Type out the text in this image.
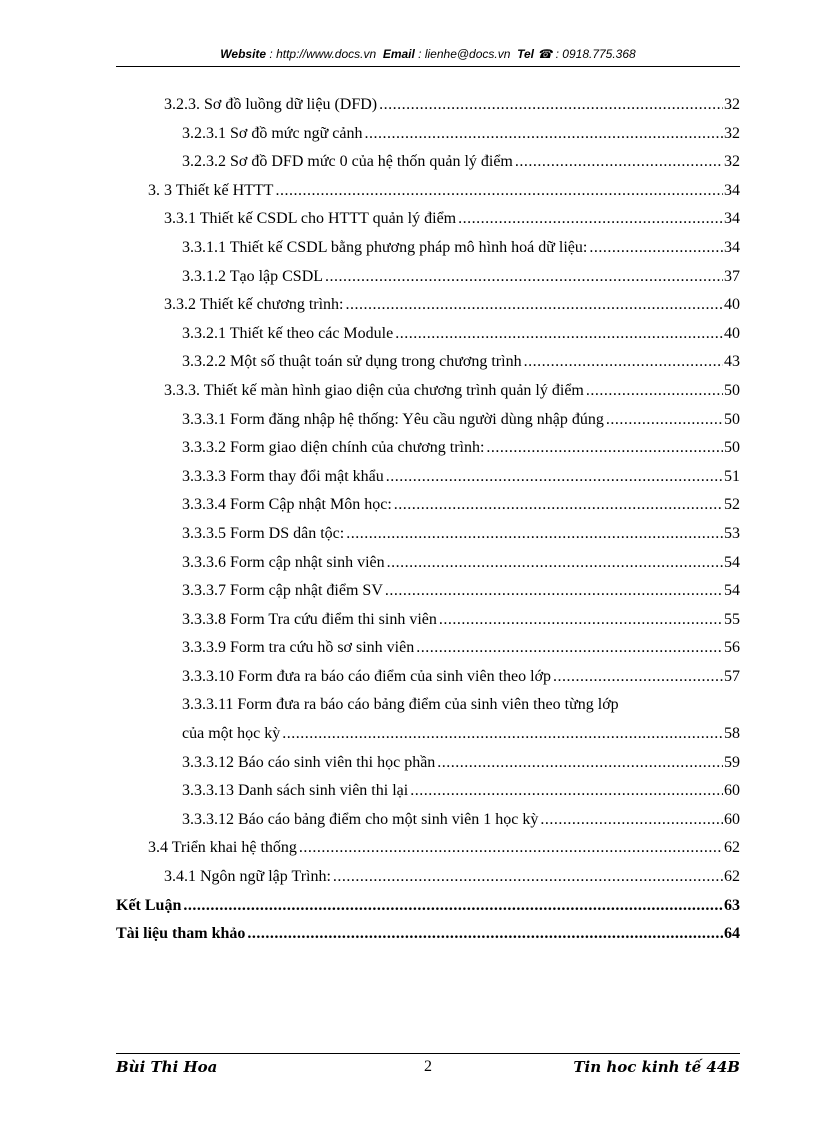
Website : http://www.docs.vn Email : lienhe@docs.vn Tel ☎ : 0918.775.368
3.2.3. Sơ đồ luồng dữ liệu (DFD) .....	32
3.2.3.1 Sơ đồ mức ngữ cảnh .....	32
3.2.3.2 Sơ đồ DFD mức 0 của hệ thốn quản lý điểm .....	32
3. 3 Thiết kế HTTT .....	34
3.3.1 Thiết kế CSDL cho HTTT quản lý điểm .....	34
3.3.1.1 Thiết kế CSDL bằng phương pháp mô hình hoá dữ liệu: .....	34
3.3.1.2 Tạo lập CSDL .....	37
3.3.2 Thiết kế chương trình: .....	40
3.3.2.1 Thiết kế theo các Module .....	40
3.3.2.2 Một số thuật toán sử dụng trong chương trình .....	43
3.3.3. Thiết kế màn hình giao diện của chương trình quản lý điểm .....	50
3.3.3.1 Form đăng nhập hệ thống: Yêu cầu người dùng nhập đúng .....	50
3.3.3.2 Form giao diện chính của chương trình: .....	50
3.3.3.3 Form thay đổi mật khẩu .....	51
3.3.3.4 Form Cập nhật Môn học: .....	52
3.3.3.5 Form DS dân tộc: .....	53
3.3.3.6 Form cập nhật sinh viên .....	54
3.3.3.7 Form cập nhật điểm SV .....	54
3.3.3.8 Form Tra cứu điểm thi sinh viên .....	55
3.3.3.9 Form tra cứu hồ sơ sinh viên .....	56
3.3.3.10 Form đưa ra báo cáo điểm của sinh viên theo lớp .....	57
3.3.3.11 Form đưa ra báo cáo bảng điểm của sinh viên theo từng lớp
của một học kỳ .....	58
3.3.3.12 Báo cáo sinh viên thi học phần .....	59
3.3.3.13 Danh sách sinh viên thi lại .....	60
3.3.3.12 Báo cáo bảng điểm cho một sinh viên 1 học kỳ .....	60
3.4 Triển khai hệ thống .....	62
3.4.1 Ngôn ngữ lập Trình: .....	62
Kết Luận .....	63
Tài liệu tham khảo .....	64
Bùi Thi Hoa	2	Tin hoc kinh tế 44B
